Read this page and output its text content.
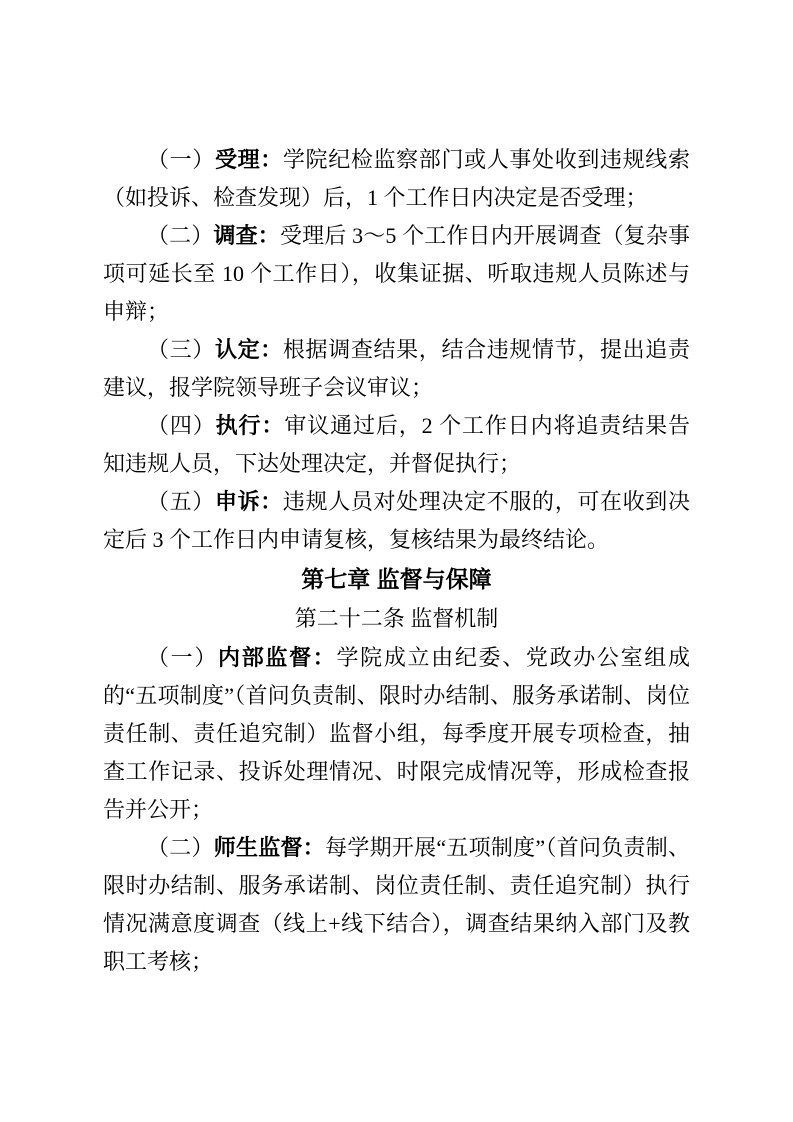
（一）受理：学院纪检监察部门或人事处收到违规线索（如投诉、检查发现）后，1 个工作日内决定是否受理；

（二）调查：受理后 3～5 个工作日内开展调查（复杂事项可延长至 10 个工作日），收集证据、听取违规人员陈述与申辩；

（三）认定：根据调查结果，结合违规情节，提出追责建议，报学院领导班子会议审议；

（四）执行：审议通过后，2 个工作日内将追责结果告知违规人员，下达处理决定，并督促执行；

（五）申诉：违规人员对处理决定不服的，可在收到决定后 3 个工作日内申请复核，复核结果为最终结论。

第七章 监督与保障
第二十二条 监督机制

（一）内部监督：学院成立由纪委、党政办公室组成的“五项制度”（首问负责制、限时办结制、服务承诺制、岗位责任制、责任追究制）监督小组，每季度开展专项检查，抽查工作记录、投诉处理情况、时限完成情况等，形成检查报告并公开；

（二）师生监督：每学期开展“五项制度”（首问负责制、限时办结制、服务承诺制、岗位责任制、责任追究制）执行情况满意度调查（线上+线下结合），调查结果纳入部门及教职工考核；
